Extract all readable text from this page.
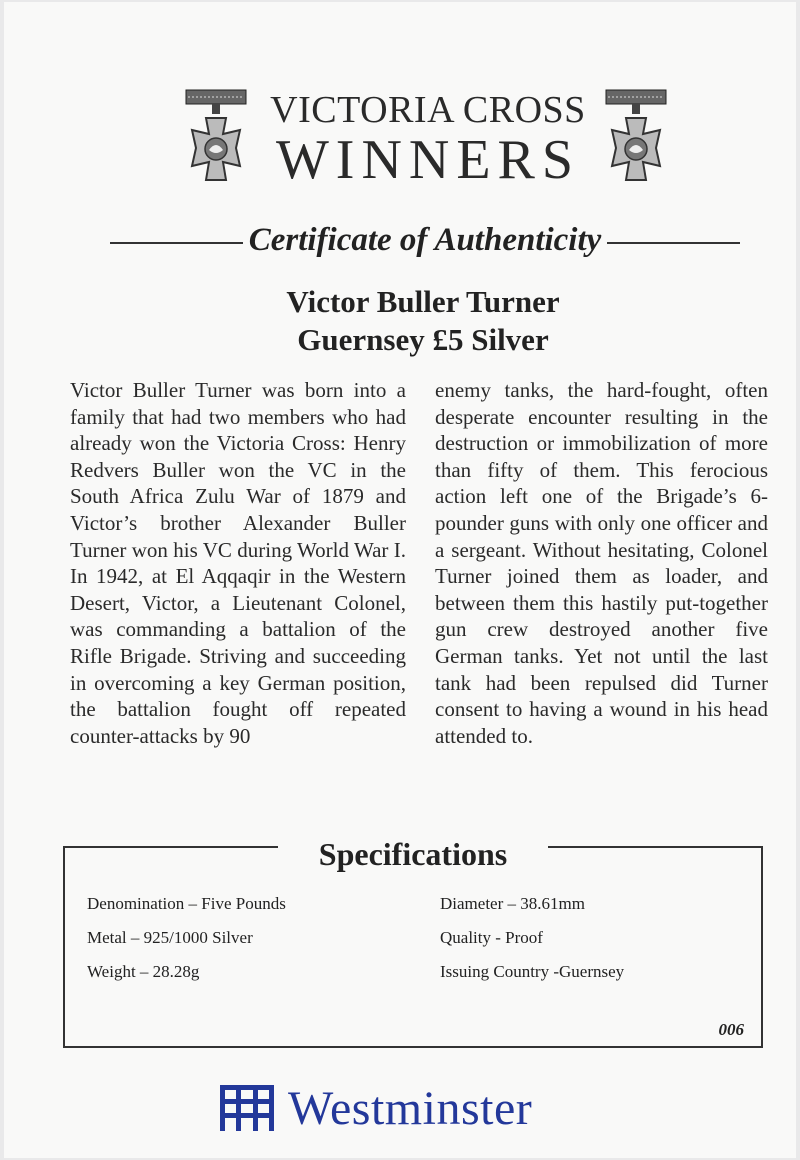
VICTORIA CROSS
WINNERS
Certificate of Authenticity
Victor Buller Turner
Guernsey £5 Silver
Victor Buller Turner was born into a family that had two members who had already won the Victoria Cross: Henry Redvers Buller won the VC in the South Africa Zulu War of 1879 and Victor’s brother Alexander Buller Turner won his VC during World War I. In 1942, at El Aqqaqir in the Western Desert, Victor, a Lieutenant Colonel, was commanding a battalion of the Rifle Brigade. Striving and succeeding in overcoming a key German position, the battalion fought off repeated counter-attacks by 90
enemy tanks, the hard-fought, often desperate encounter resulting in the destruction or immobilization of more than fifty of them. This ferocious action left one of the Brigade’s 6-pounder guns with only one officer and a sergeant. Without hesitating, Colonel Turner joined them as loader, and between them this hastily put-together gun crew destroyed another five German tanks. Yet not until the last tank had been repulsed did Turner consent to having a wound in his head attended to.
Specifications
Denomination – Five Pounds
Metal – 925/1000 Silver
Weight – 28.28g
Diameter – 38.61mm
Quality - Proof
Issuing Country -Guernsey
006
Westminster
